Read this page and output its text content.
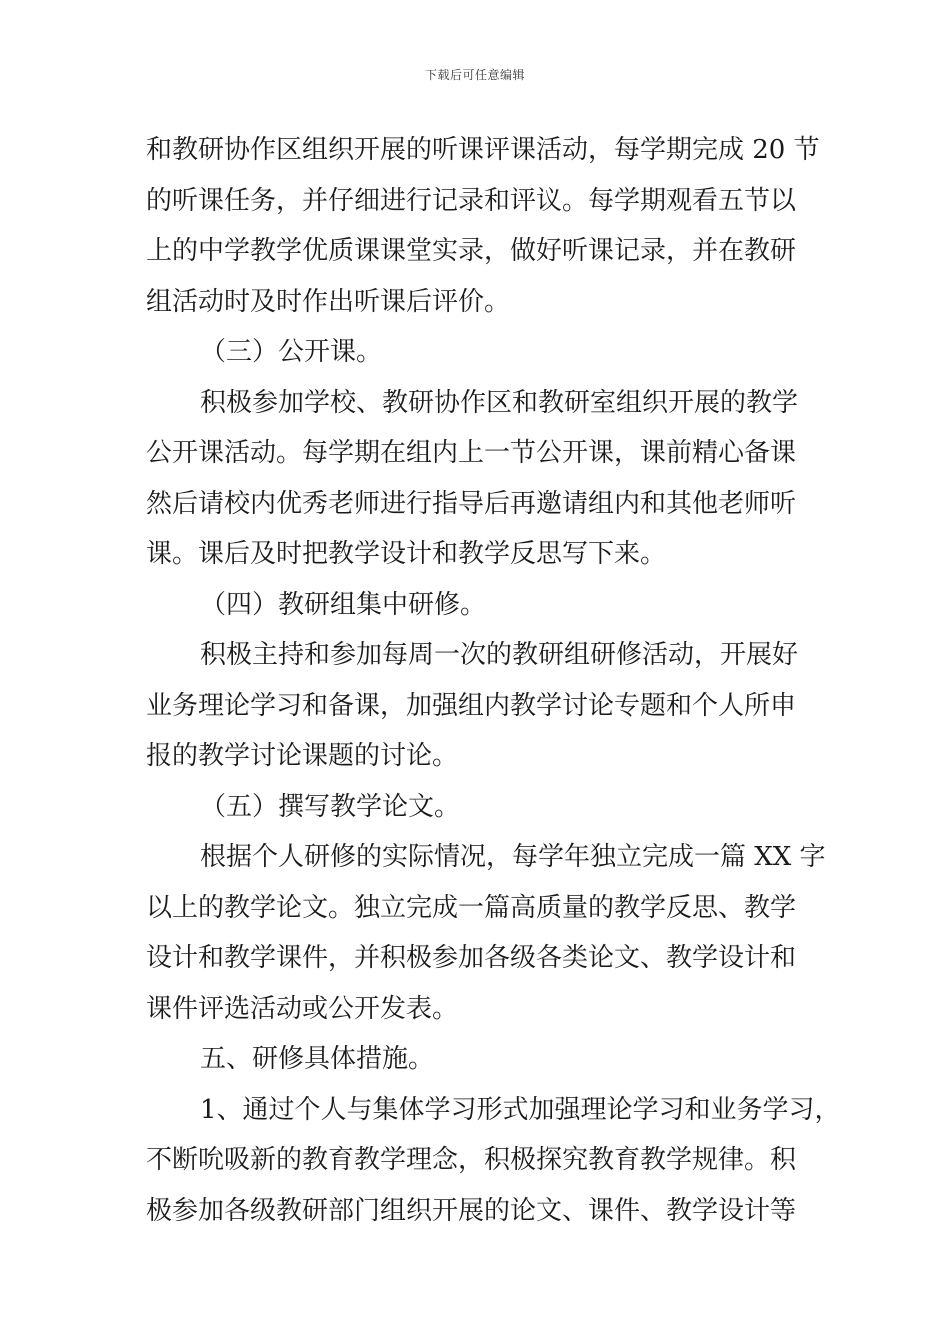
下载后可任意编辑
和教研协作区组织开展的听课评课活动，每学期完成 20 节
的听课任务，并仔细进行记录和评议。每学期观看五节以
上的中学教学优质课课堂实录，做好听课记录，并在教研
组活动时及时作出听课后评价。
（三）公开课。
积极参加学校、教研协作区和教研室组织开展的教学
公开课活动。每学期在组内上一节公开课，课前精心备课
然后请校内优秀老师进行指导后再邀请组内和其他老师听
课。课后及时把教学设计和教学反思写下来。
（四）教研组集中研修。
积极主持和参加每周一次的教研组研修活动，开展好
业务理论学习和备课，加强组内教学讨论专题和个人所申
报的教学讨论课题的讨论。
（五）撰写教学论文。
根据个人研修的实际情况，每学年独立完成一篇 XX 字
以上的教学论文。独立完成一篇高质量的教学反思、教学
设计和教学课件，并积极参加各级各类论文、教学设计和
课件评选活动或公开发表。
五、研修具体措施。
1、通过个人与集体学习形式加强理论学习和业务学习，
不断吮吸新的教育教学理念，积极探究教育教学规律。积
极参加各级教研部门组织开展的论文、课件、教学设计等
